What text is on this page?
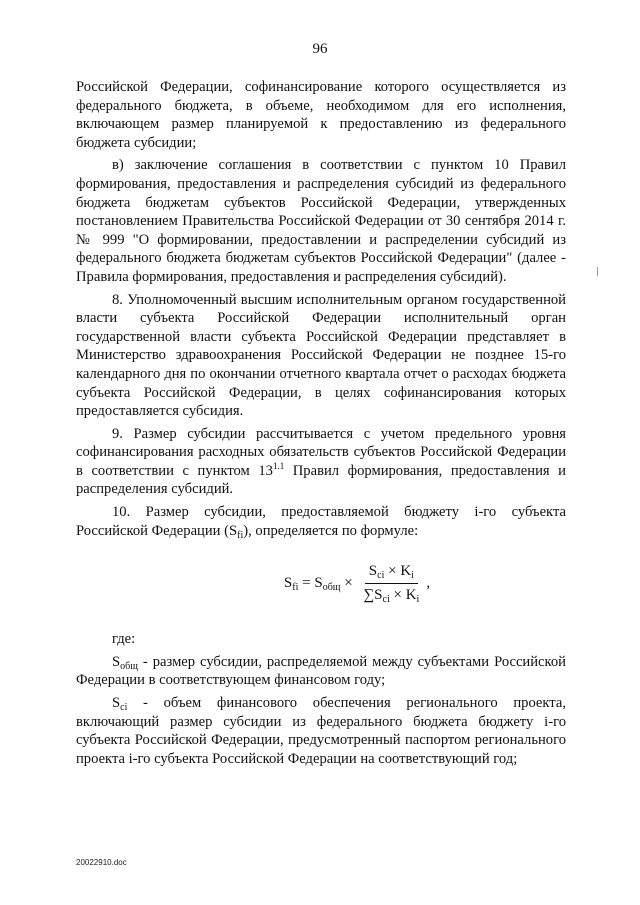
96

Российской Федерации, софинансирование которого осуществляется из федерального бюджета, в объеме, необходимом для его исполнения, включающем размер планируемой к предоставлению из федерального бюджета субсидии;

в) заключение соглашения в соответствии с пунктом 10 Правил формирования, предоставления и распределения субсидий из федерального бюджета бюджетам субъектов Российской Федерации, утвержденных постановлением Правительства Российской Федерации от 30 сентября 2014 г. № 999 "О формировании, предоставлении и распределении субсидий из федерального бюджета бюджетам субъектов Российской Федерации" (далее - Правила формирования, предоставления и распределения субсидий).

8. Уполномоченный высшим исполнительным органом государственной власти субъекта Российской Федерации исполнительный орган государственной власти субъекта Российской Федерации представляет в Министерство здравоохранения Российской Федерации не позднее 15-го календарного дня по окончании отчетного квартала отчет о расходах бюджета субъекта Российской Федерации, в целях софинансирования которых предоставляется субсидия.

9. Размер субсидии рассчитывается с учетом предельного уровня софинансирования расходных обязательств субъектов Российской Федерации в соответствии с пунктом $13^{1.1}$ Правил формирования, предоставления и распределения субсидий.

10. Размер субсидии, предоставляемой бюджету i-го субъекта Российской Федерации $(S_{fi})$, определяется по формуле:

$S_{fi} = S_{общ} \times \frac{S_{ci} \times K_i}{\sum S_{ci} \times K_i}$ ,

где:

$S_{общ}$ - размер субсидии, распределяемой между субъектами Российской Федерации в соответствующем финансовом году;

$S_{ci}$ - объем финансового обеспечения регионального проекта, включающий размер субсидии из федерального бюджета бюджету i-го субъекта Российской Федерации, предусмотренный паспортом регионального проекта i-го субъекта Российской Федерации на соответствующий год;

20022910.doc
